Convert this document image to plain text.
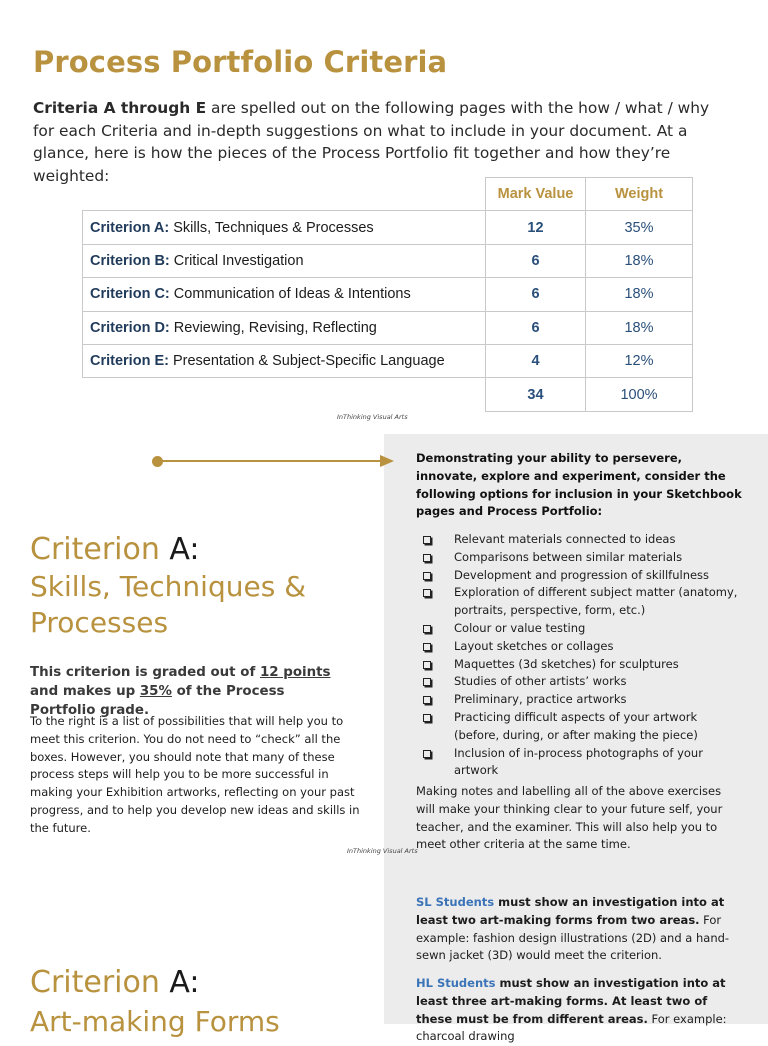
Process Portfolio Criteria

Criteria A through E are spelled out on the following pages with the how / what / why for each Criteria and in-depth suggestions on what to include in your document. At a glance, here is how the pieces of the Process Portfolio fit together and how they’re weighted:

	Mark Value	Weight
Criterion A: Skills, Techniques & Processes	12	35%
Criterion B: Critical Investigation	6	18%
Criterion C: Communication of Ideas & Intentions	6	18%
Criterion D: Reviewing, Revising, Reflecting	6	18%
Criterion E: Presentation & Subject-Specific Language	4	12%
	34	100%
InThinking Visual Arts
Criterion A:
Skills, Techniques & Processes

This criterion is graded out of 12 points and makes up 35% of the Process Portfolio grade.

To the right is a list of possibilities that will help you to meet this criterion. You do not need to “check” all the boxes. However, you should note that many of these process steps will help you to be more successful in making your Exhibition artworks, reflecting on your past progress, and to help you develop new ideas and skills in the future.

InThinking Visual Arts

Demonstrating your ability to persevere, innovate, explore and experiment, consider the following options for inclusion in your Sketchbook pages and Process Portfolio:

Relevant materials connected to ideas
Comparisons between similar materials
Development and progression of skillfulness
Exploration of different subject matter (anatomy, portraits, perspective, form, etc.)
Colour or value testing
Layout sketches or collages
Maquettes (3d sketches) for sculptures
Studies of other artists’ works
Preliminary, practice artworks
Practicing difficult aspects of your artwork (before, during, or after making the piece)
Inclusion of in-process photographs of your artwork

Making notes and labelling all of the above exercises will make your thinking clear to your future self, your teacher, and the examiner. This will also help you to meet other criteria at the same time.

SL Students must show an investigation into at least two art-making forms from two areas. For example: fashion design illustrations (2D) and a hand-sewn jacket (3D) would meet the criterion.

HL Students must show an investigation into at least three art-making forms. At least two of these must be from different areas. For example: charcoal drawing

Criterion A:
Art-making Forms
